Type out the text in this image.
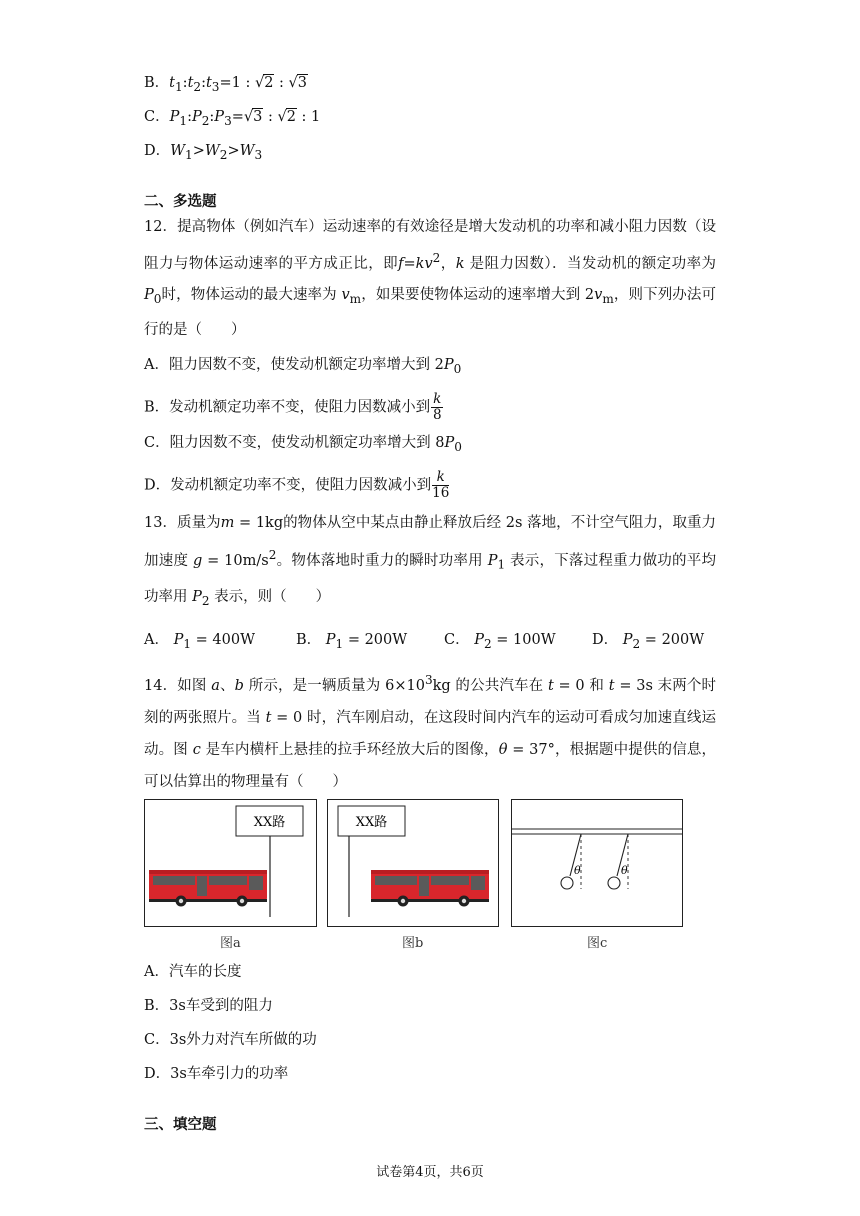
B．$t_1:t_2:t_3=1$ : √2 : √3
C．$P_1:P_2:P_3=√3$ : √2 : 1
D．$W_1>W_2>W_3$
二、多选题
12．提高物体（例如汽车）运动速率的有效途径是增大发动机的功率和减小阻力因数（设阻力与物体运动速率的平方成正比，即$f=kv^2$，k 是阻力因数）．当发动机的额定功率为$P_0$时，物体运动的最大速率为 $v_m$，如果要使物体运动的速率增大到 $2v_m$，则下列办法可行的是（　　）
A．阻力因数不变，使发动机额定功率增大到 $2P_0$
B．发动机额定功率不变，使阻力因数减小到 $\frac{k}{8}$
C．阻力因数不变，使发动机额定功率增大到 $8P_0$
D．发动机额定功率不变，使阻力因数减小到 $\frac{k}{16}$
13．质量为m = 1kg的物体从空中某点由静止释放后经 2s 落地，不计空气阻力，取重力加速度 $g = 10m/s^2$。物体落地时重力的瞬时功率用 $P_1$ 表示，下落过程重力做功的平均功率用 $P_2$ 表示，则（　　）
A． $P_1 = 400W$	B． $P_1 = 200W$	C． $P_2 = 100W$	D． $P_2 = 200W$
14．如图 a、b 所示，是一辆质量为 $6\times 10^3kg$ 的公共汽车在 t = 0 和 t = 3s 末两个时刻的两张照片。当 t = 0 时，汽车刚启动，在这段时间内汽车的运动可看成匀加速直线运动。图 c 是车内横杆上悬挂的拉手环经放大后的图像，θ = 37°，根据题中提供的信息，可以估算出的物理量有（　　）
XX路
图a
XX路
图b
θ	θ
图c
A．汽车的长度
B．3s车受到的阻力
C．3s外力对汽车所做的功
D．3s车牵引力的功率
三、填空题
试卷第4页，共6页
